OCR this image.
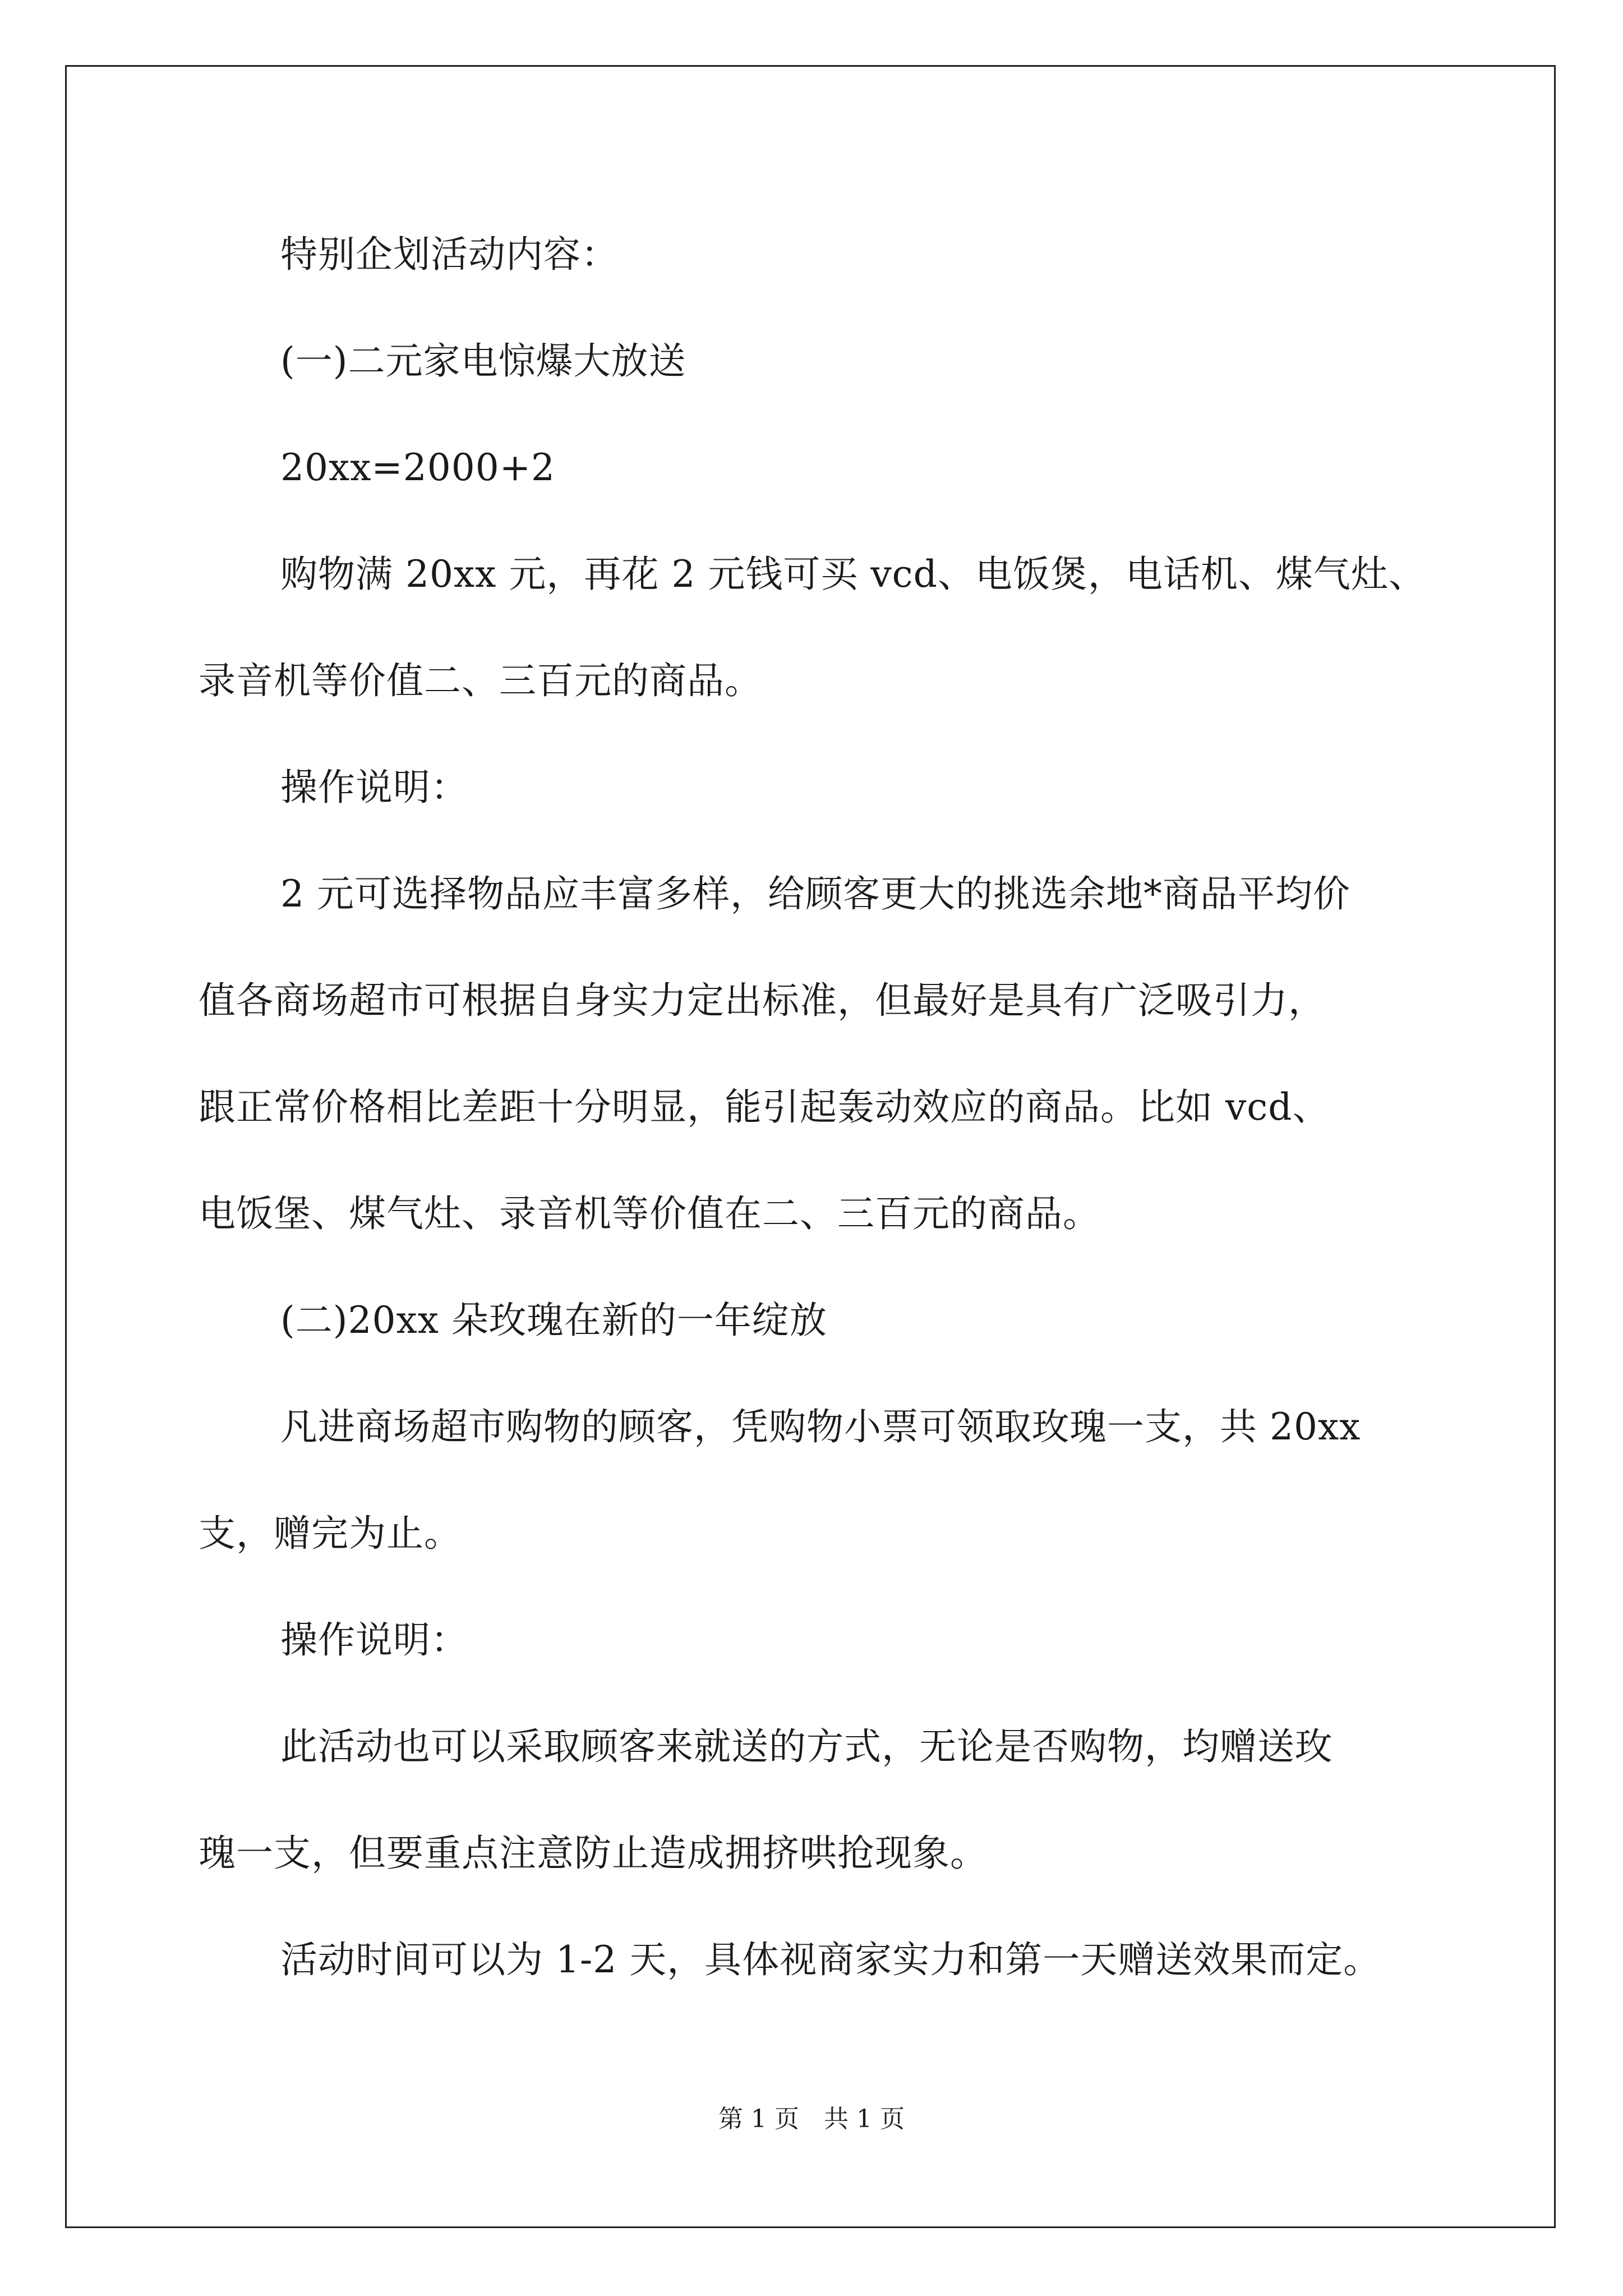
特别企划活动内容：
(一)二元家电惊爆大放送
20xx=2000+2
购物满 20xx 元，再花 2 元钱可买 vcd、电饭煲，电话机、煤气灶、
录音机等价值二、三百元的商品。
操作说明：
2 元可选择物品应丰富多样，给顾客更大的挑选余地*商品平均价
值各商场超市可根据自身实力定出标准，但最好是具有广泛吸引力，
跟正常价格相比差距十分明显，能引起轰动效应的商品。比如 vcd、
电饭堡、煤气灶、录音机等价值在二、三百元的商品。
(二)20xx 朵玫瑰在新的一年绽放
凡进商场超市购物的顾客，凭购物小票可领取玫瑰一支，共 20xx
支，赠完为止。
操作说明：
此活动也可以采取顾客来就送的方式，无论是否购物，均赠送玫
瑰一支，但要重点注意防止造成拥挤哄抢现象。
活动时间可以为 1-2 天，具体视商家实力和第一天赠送效果而定。
第 1 页　共 1 页
